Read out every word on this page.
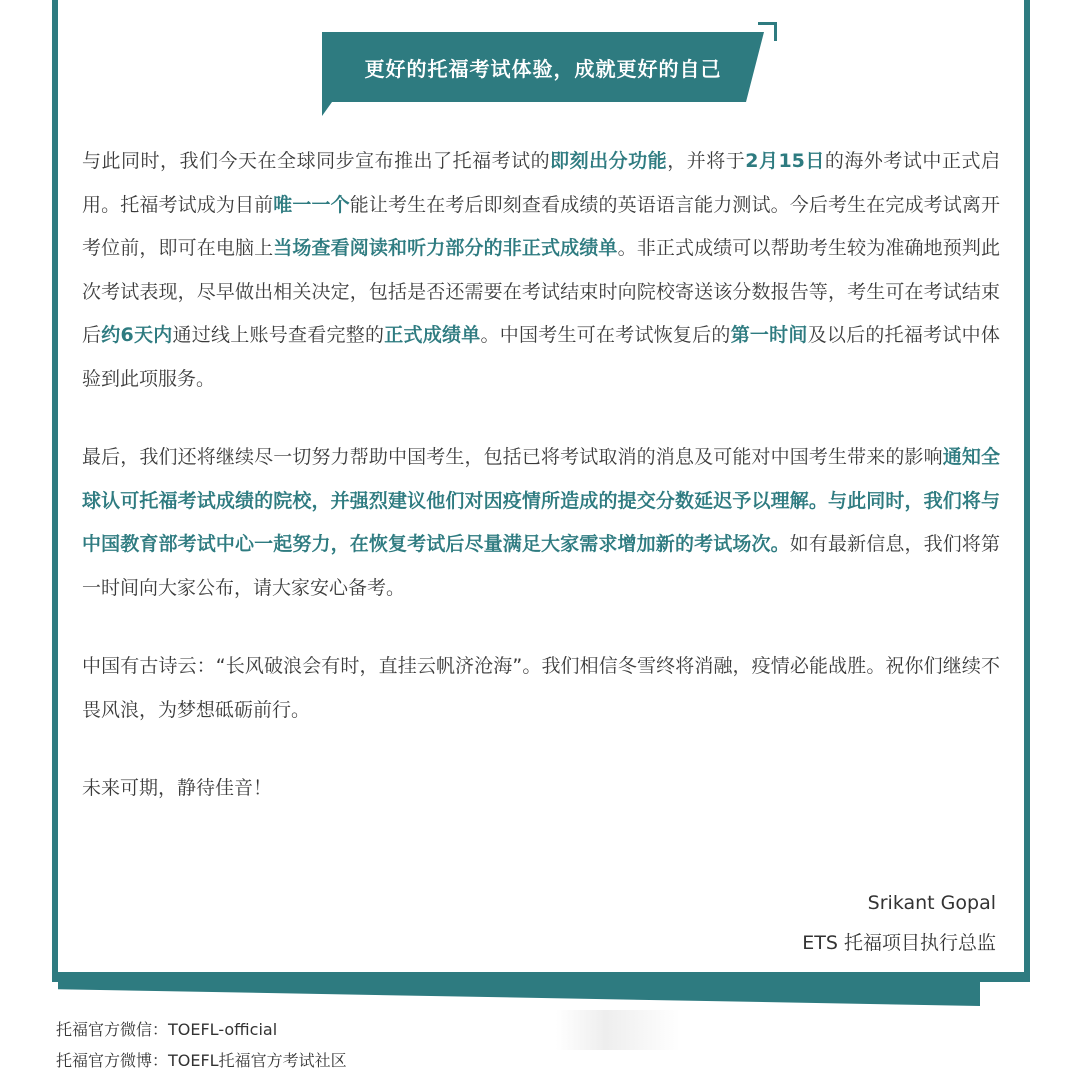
更好的托福考试体验，成就更好的自己

与此同时，我们今天在全球同步宣布推出了托福考试的即刻出分功能，并将于2月15日的海外考试中正式启用。托福考试成为目前唯一一个能让考生在考后即刻查看成绩的英语语言能力测试。今后考生在完成考试离开考位前，即可在电脑上当场查看阅读和听力部分的非正式成绩单。非正式成绩可以帮助考生较为准确地预判此次考试表现，尽早做出相关决定，包括是否还需要在考试结束时向院校寄送该分数报告等，考生可在考试结束后约6天内通过线上账号查看完整的正式成绩单。中国考生可在考试恢复后的第一时间及以后的托福考试中体验到此项服务。

最后，我们还将继续尽一切努力帮助中国考生，包括已将考试取消的消息及可能对中国考生带来的影响通知全球认可托福考试成绩的院校，并强烈建议他们对因疫情所造成的提交分数延迟予以理解。与此同时，我们将与中国教育部考试中心一起努力，在恢复考试后尽量满足大家需求增加新的考试场次。如有最新信息，我们将第一时间向大家公布，请大家安心备考。

中国有古诗云：“长风破浪会有时，直挂云帆济沧海”。我们相信冬雪终将消融，疫情必能战胜。祝你们继续不畏风浪，为梦想砥砺前行。

未来可期，静待佳音！

Srikant Gopal
ETS 托福项目执行总监
托福官方微信：TOEFL-official
托福官方微博：TOEFL托福官方考试社区
